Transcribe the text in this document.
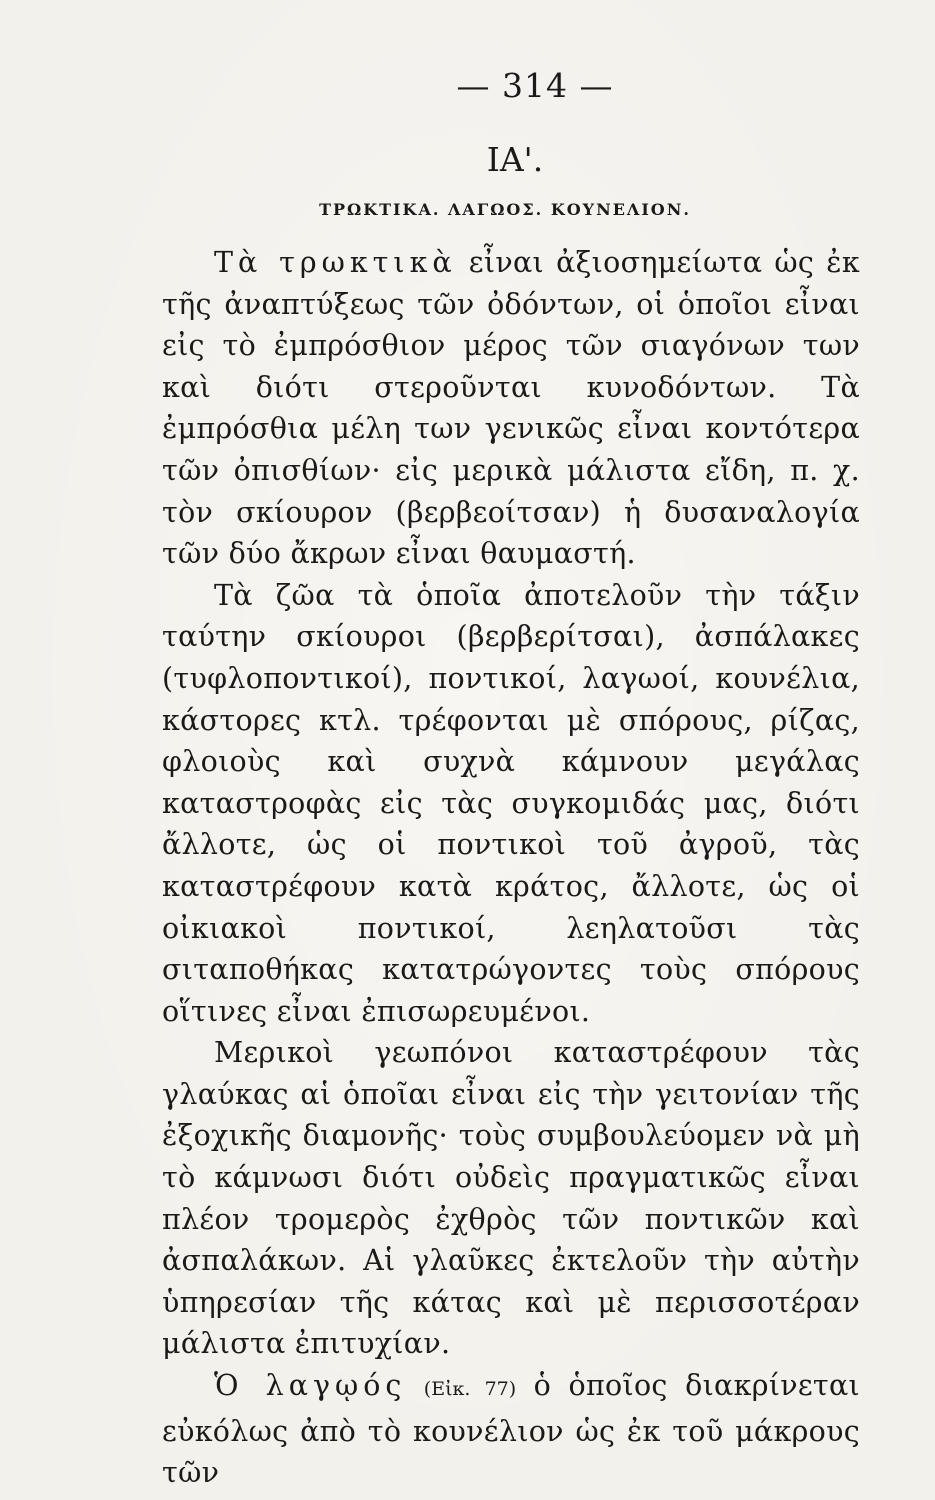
— 314 —
ΙΑ'.
ΤΡΩΚΤΙΚΑ. ΛΑΓΩΟΣ. ΚΟΥΝΕΛΙΟΝ.

Τὰ τρωκτικὰ εἶναι ἀξιοσημείωτα ὡς ἐκ τῆς ἀναπτύξεως τῶν ὀδόντων, οἱ ὁποῖοι εἶναι εἰς τὸ ἐμπρόσθιον μέρος τῶν σιαγόνων των καὶ διότι στεροῦνται κυνοδόντων. Τὰ ἐμπρόσθια μέλη των γενικῶς εἶναι κοντότερα τῶν ὀπισθίων· εἰς μερικὰ μάλιστα εἴδη, π. χ. τὸν σκίουρον (βερβεοίτσαν) ἡ δυσαναλογία τῶν δύο ἄκρων εἶναι θαυμαστή.

Τὰ ζῶα τὰ ὁποῖα ἀποτελοῦν τὴν τάξιν ταύτην σκίουροι (βερβερίτσαι), ἀσπάλακες (τυφλοποντικοί), ποντικοί, λαγωοί, κουνέλια, κάστορες κτλ. τρέφονται μὲ σπόρους, ρίζας, φλοιοὺς καὶ συχνὰ κάμνουν μεγάλας καταστροφὰς εἰς τὰς συγκομιδάς μας, διότι ἄλλοτε, ὡς οἱ ποντικοὶ τοῦ ἀγροῦ, τὰς καταστρέφουν κατὰ κράτος, ἄλλοτε, ὡς οἱ οἰκιακοὶ ποντικοί, λεηλατοῦσι τὰς σιταποθήκας κατατρώγοντες τοὺς σπόρους οἵτινες εἶναι ἐπισωρευμένοι.

Μερικοὶ γεωπόνοι καταστρέφουν τὰς γλαύκας αἱ ὁποῖαι εἶναι εἰς τὴν γειτονίαν τῆς ἐξοχικῆς διαμονῆς· τοὺς συμβουλεύομεν νὰ μὴ τὸ κάμνωσι διότι οὐδεὶς πραγματικῶς εἶναι πλέον τρομερὸς ἐχθρὸς τῶν ποντικῶν καὶ ἀσπαλάκων. Αἱ γλαῦκες ἐκτελοῦν τὴν αὐτὴν ὑπηρεσίαν τῆς κάτας καὶ μὲ περισσοτέραν μάλιστα ἐπιτυχίαν.

Ὁ λαγῳός (Εἰκ. 77) ὁ ὁποῖος διακρίνεται εὐκόλως ἀπὸ τὸ κουνέλιον ὡς ἐκ τοῦ μάκρους τῶν
